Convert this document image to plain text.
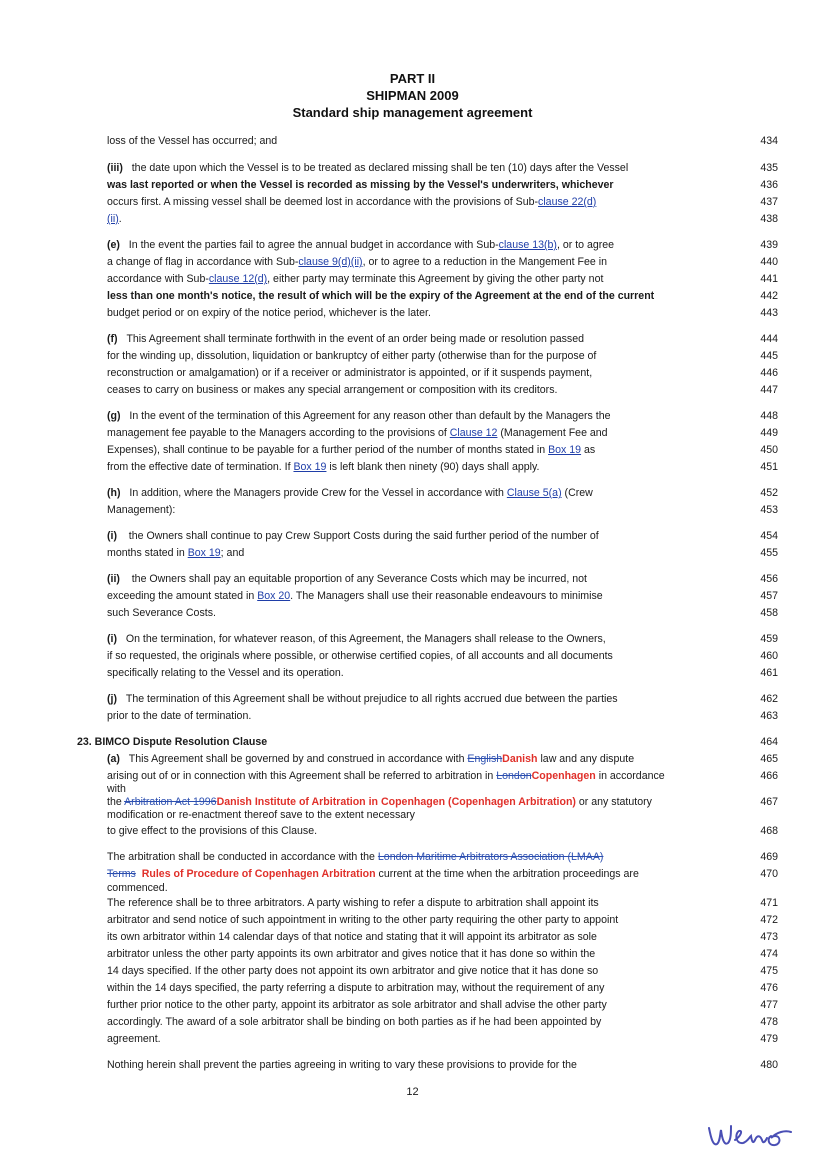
PART II
SHIPMAN 2009
Standard ship management agreement
loss of the Vessel has occurred; and	434
(iii) the date upon which the Vessel is to be treated as declared missing shall be ten (10) days after the Vessel	435
was last reported or when the Vessel is recorded as missing by the Vessel's underwriters, whichever	436
occurs first. A missing vessel shall be deemed lost in accordance with the provisions of Sub-clause 22(d)	437
(ii).	438
(e) In the event the parties fail to agree the annual budget in accordance with Sub-clause 13(b), or to agree	439
a change of flag in accordance with Sub-clause 9(d)(ii), or to agree to a reduction in the Mangement Fee in	440
accordance with Sub-clause 12(d), either party may terminate this Agreement by giving the other party not	441
less than one month's notice, the result of which will be the expiry of the Agreement at the end of the current	442
budget period or on expiry of the notice period, whichever is the later.	443
(f) This Agreement shall terminate forthwith in the event of an order being made or resolution passed	444
for the winding up, dissolution, liquidation or bankruptcy of either party (otherwise than for the purpose of	445
reconstruction or amalgamation) or if a receiver or administrator is appointed, or if it suspends payment,	446
ceases to carry on business or makes any special arrangement or composition with its creditors.	447
(g) In the event of the termination of this Agreement for any reason other than default by the Managers the	448
management fee payable to the Managers according to the provisions of Clause 12 (Management Fee and	449
Expenses), shall continue to be payable for a further period of the number of months stated in Box 19 as	450
from the effective date of termination. If Box 19 is left blank then ninety (90) days shall apply.	451
(h) In addition, where the Managers provide Crew for the Vessel in accordance with Clause 5(a) (Crew	452
Management):	453
(i) the Owners shall continue to pay Crew Support Costs during the said further period of the number of	454
months stated in Box 19; and	455
(ii) the Owners shall pay an equitable proportion of any Severance Costs which may be incurred, not	456
exceeding the amount stated in Box 20. The Managers shall use their reasonable endeavours to minimise	457
such Severance Costs.	458
(i) On the termination, for whatever reason, of this Agreement, the Managers shall release to the Owners,	459
if so requested, the originals where possible, or otherwise certified copies, of all accounts and all documents	460
specifically relating to the Vessel and its operation.	461
(j) The termination of this Agreement shall be without prejudice to all rights accrued due between the parties	462
prior to the date of termination.	463
23. BIMCO Dispute Resolution Clause	464
(a) This Agreement shall be governed by and construed in accordance with EnglishDanish law and any dispute	465
arising out of or in connection with this Agreement shall be referred to arbitration in LondonCopenhagen in accordance	466
with
the Arbitration Act 1996Danish Institute of Arbitration in Copenhagen (Copenhagen Arbitration) or any statutory	467
modification or re-enactment thereof save to the extent necessary
to give effect to the provisions of this Clause.	468
The arbitration shall be conducted in accordance with the London Maritime Arbitrators Association (LMAA)	469
Terms Rules of Procedure of Copenhagen Arbitration current at the time when the arbitration proceedings are	470
commenced.
The reference shall be to three arbitrators. A party wishing to refer a dispute to arbitration shall appoint its	471
arbitrator and send notice of such appointment in writing to the other party requiring the other party to appoint	472
its own arbitrator within 14 calendar days of that notice and stating that it will appoint its arbitrator as sole	473
arbitrator unless the other party appoints its own arbitrator and gives notice that it has done so within the	474
14 days specified. If the other party does not appoint its own arbitrator and give notice that it has done so	475
within the 14 days specified, the party referring a dispute to arbitration may, without the requirement of any	476
further prior notice to the other party, appoint its arbitrator as sole arbitrator and shall advise the other party	477
accordingly. The award of a sole arbitrator shall be binding on both parties as if he had been appointed by	478
agreement.	479
Nothing herein shall prevent the parties agreeing in writing to vary these provisions to provide for the	480
12
